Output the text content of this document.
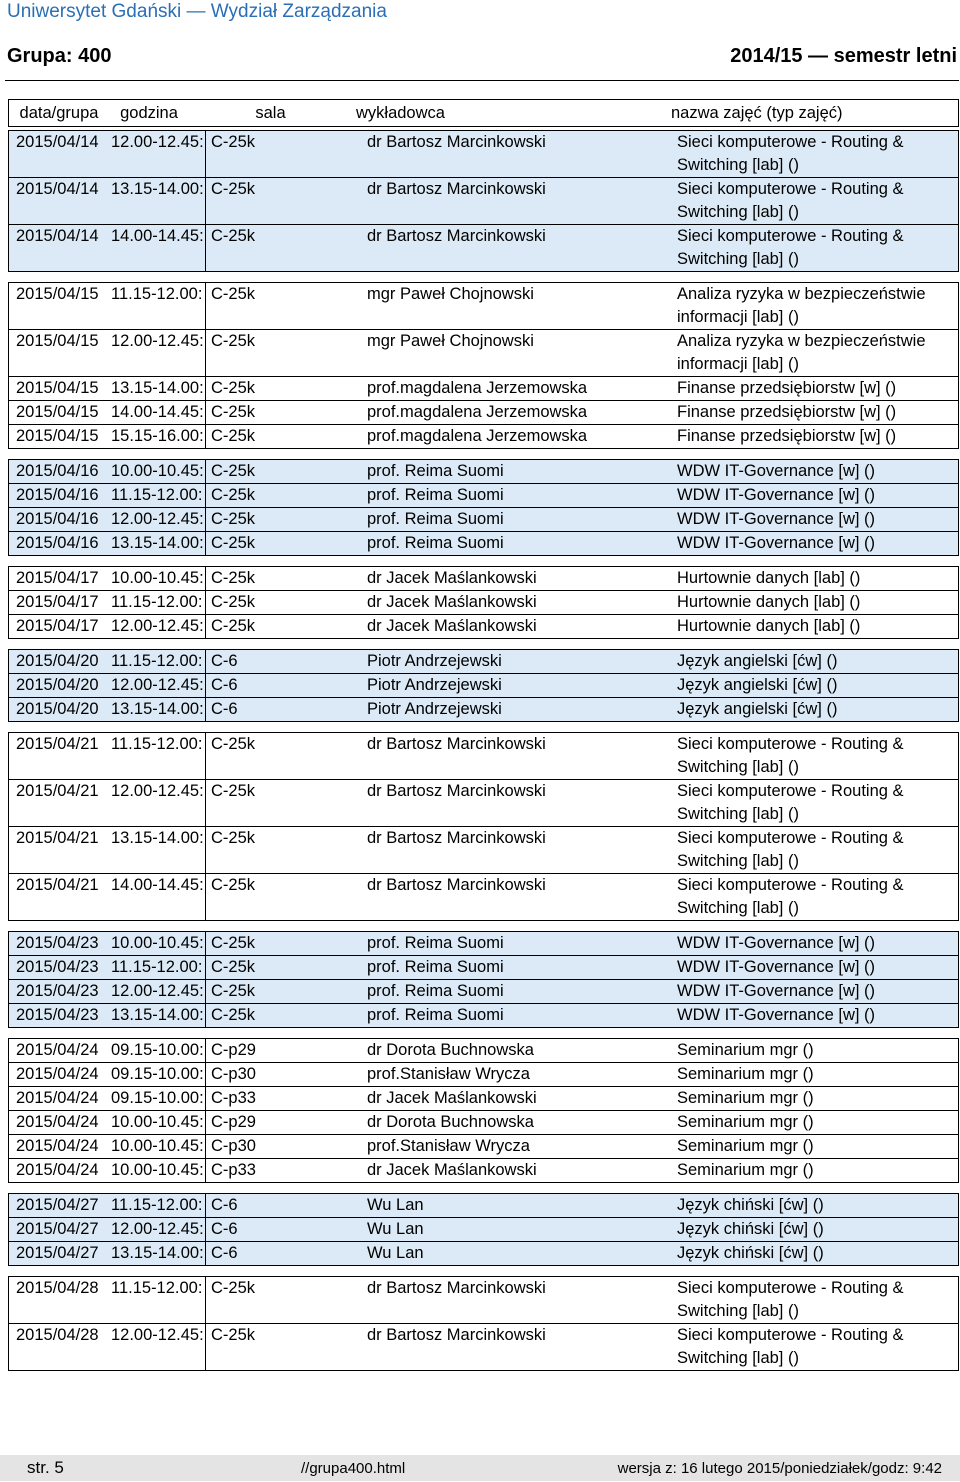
Uniwersytet Gdański — Wydział Zarządzania
Grupa: 400	2014/15 — semestr letni
data/grupa	godzina	sala	wykładowca	nazwa zajęć (typ zajęć)
2015/04/14 12.00-12.45: C-25k	dr Bartosz Marcinkowski	Sieci komputerowe - Routing & Switching [lab] ()
2015/04/14 13.15-14.00: C-25k	dr Bartosz Marcinkowski	Sieci komputerowe - Routing & Switching [lab] ()
2015/04/14 14.00-14.45: C-25k	dr Bartosz Marcinkowski	Sieci komputerowe - Routing & Switching [lab] ()
2015/04/15 11.15-12.00: C-25k	mgr Paweł Chojnowski	Analiza ryzyka w bezpieczeństwie informacji [lab] ()
2015/04/15 12.00-12.45: C-25k	mgr Paweł Chojnowski	Analiza ryzyka w bezpieczeństwie informacji [lab] ()
2015/04/15 13.15-14.00: C-25k	prof.magdalena Jerzemowska	Finanse przedsiębiorstw [w] ()
2015/04/15 14.00-14.45: C-25k	prof.magdalena Jerzemowska	Finanse przedsiębiorstw [w] ()
2015/04/15 15.15-16.00: C-25k	prof.magdalena Jerzemowska	Finanse przedsiębiorstw [w] ()
2015/04/16 10.00-10.45: C-25k	prof. Reima Suomi	WDW IT-Governance [w] ()
2015/04/16 11.15-12.00: C-25k	prof. Reima Suomi	WDW IT-Governance [w] ()
2015/04/16 12.00-12.45: C-25k	prof. Reima Suomi	WDW IT-Governance [w] ()
2015/04/16 13.15-14.00: C-25k	prof. Reima Suomi	WDW IT-Governance [w] ()
2015/04/17 10.00-10.45: C-25k	dr Jacek Maślankowski	Hurtownie danych [lab] ()
2015/04/17 11.15-12.00: C-25k	dr Jacek Maślankowski	Hurtownie danych [lab] ()
2015/04/17 12.00-12.45: C-25k	dr Jacek Maślankowski	Hurtownie danych [lab] ()
2015/04/20 11.15-12.00: C-6	Piotr Andrzejewski	Język angielski [ćw] ()
2015/04/20 12.00-12.45: C-6	Piotr Andrzejewski	Język angielski [ćw] ()
2015/04/20 13.15-14.00: C-6	Piotr Andrzejewski	Język angielski [ćw] ()
2015/04/21 11.15-12.00: C-25k	dr Bartosz Marcinkowski	Sieci komputerowe - Routing & Switching [lab] ()
2015/04/21 12.00-12.45: C-25k	dr Bartosz Marcinkowski	Sieci komputerowe - Routing & Switching [lab] ()
2015/04/21 13.15-14.00: C-25k	dr Bartosz Marcinkowski	Sieci komputerowe - Routing & Switching [lab] ()
2015/04/21 14.00-14.45: C-25k	dr Bartosz Marcinkowski	Sieci komputerowe - Routing & Switching [lab] ()
2015/04/23 10.00-10.45: C-25k	prof. Reima Suomi	WDW IT-Governance [w] ()
2015/04/23 11.15-12.00: C-25k	prof. Reima Suomi	WDW IT-Governance [w] ()
2015/04/23 12.00-12.45: C-25k	prof. Reima Suomi	WDW IT-Governance [w] ()
2015/04/23 13.15-14.00: C-25k	prof. Reima Suomi	WDW IT-Governance [w] ()
2015/04/24 09.15-10.00: C-p29	dr Dorota Buchnowska	Seminarium mgr ()
2015/04/24 09.15-10.00: C-p30	prof.Stanisław Wrycza	Seminarium mgr ()
2015/04/24 09.15-10.00: C-p33	dr Jacek Maślankowski	Seminarium mgr ()
2015/04/24 10.00-10.45: C-p29	dr Dorota Buchnowska	Seminarium mgr ()
2015/04/24 10.00-10.45: C-p30	prof.Stanisław Wrycza	Seminarium mgr ()
2015/04/24 10.00-10.45: C-p33	dr Jacek Maślankowski	Seminarium mgr ()
2015/04/27 11.15-12.00: C-6	Wu Lan	Język chiński [ćw] ()
2015/04/27 12.00-12.45: C-6	Wu Lan	Język chiński [ćw] ()
2015/04/27 13.15-14.00: C-6	Wu Lan	Język chiński [ćw] ()
2015/04/28 11.15-12.00: C-25k	dr Bartosz Marcinkowski	Sieci komputerowe - Routing & Switching [lab] ()
2015/04/28 12.00-12.45: C-25k	dr Bartosz Marcinkowski	Sieci komputerowe - Routing & Switching [lab] ()
str. 5	//grupa400.html	wersja z: 16 lutego 2015/poniedziałek/godz: 9:42
